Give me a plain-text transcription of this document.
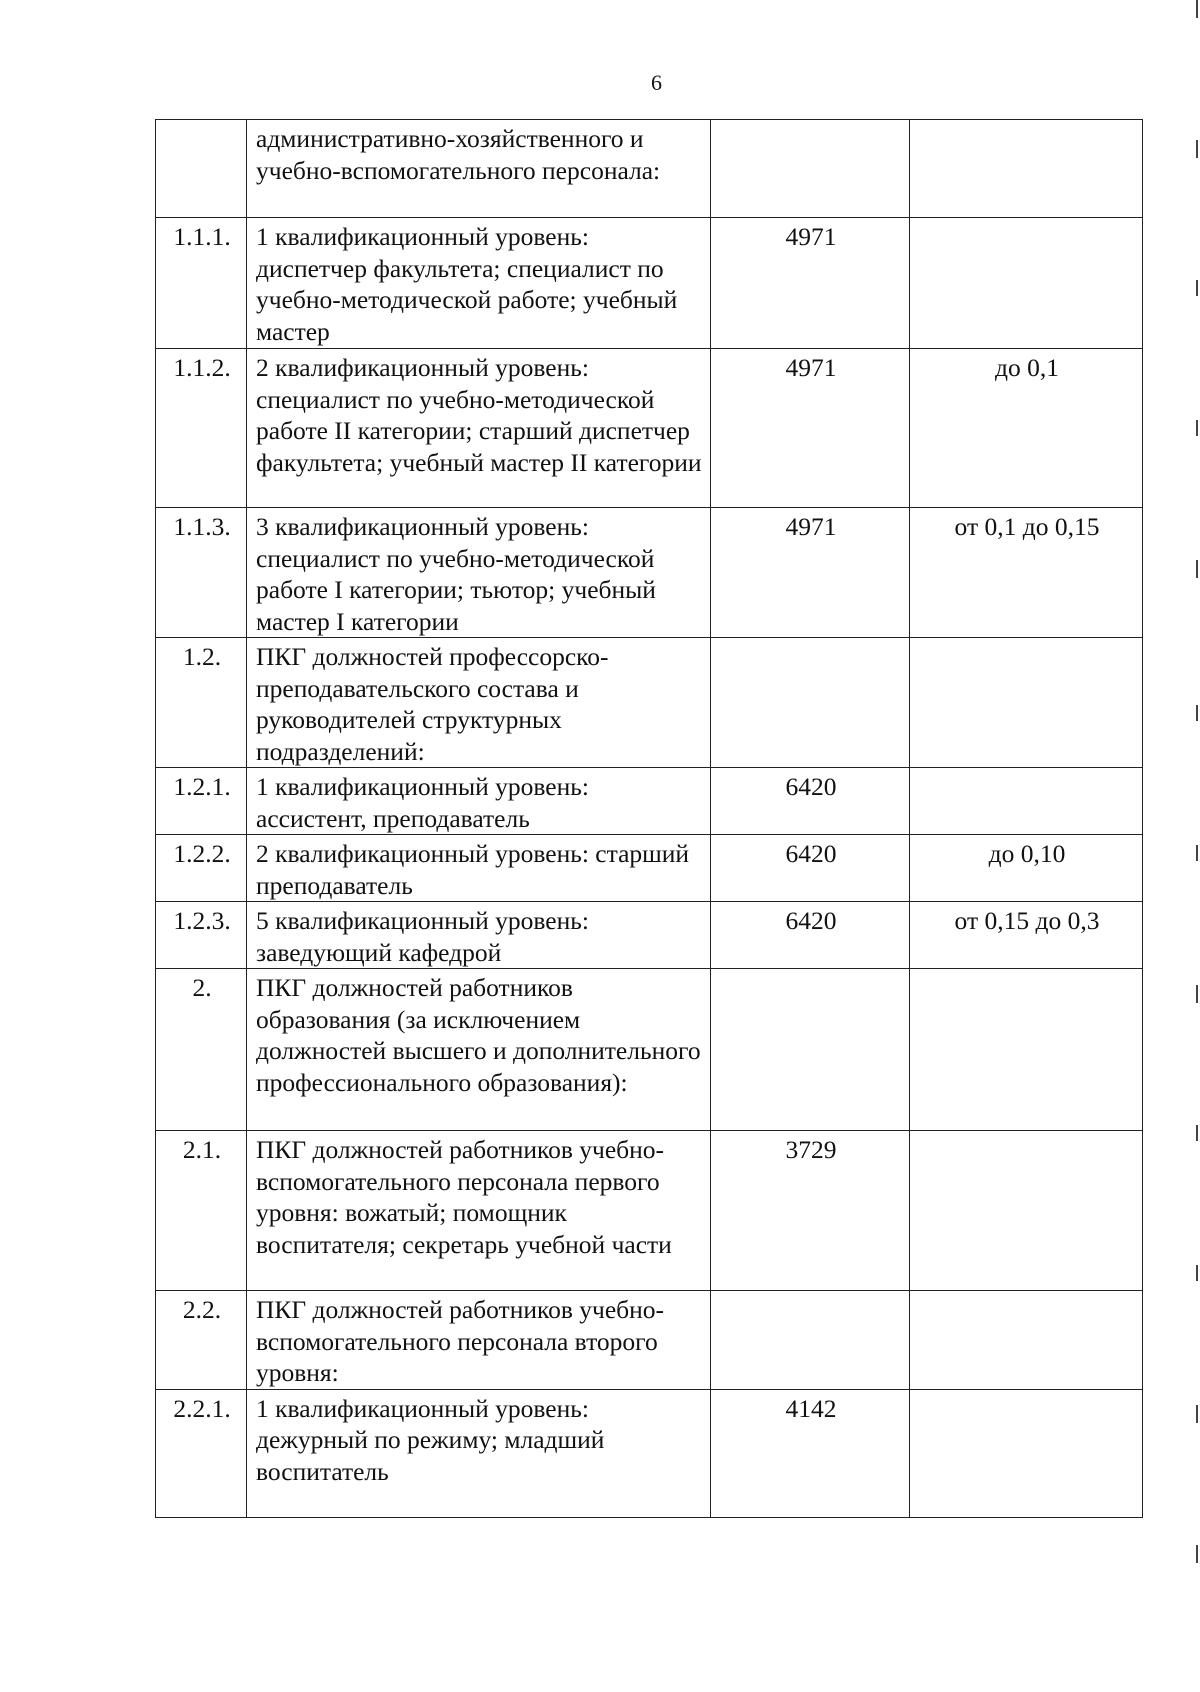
6
	административно-хозяйственного и учебно-вспомогательного персонала:		
1.1.1.	1 квалификационный уровень: диспетчер факультета; специалист по учебно-методической работе; учебный мастер	4971	
1.1.2.	2 квалификационный уровень: специалист по учебно-методической работе II категории; старший диспетчер факультета; учебный мастер II категории	4971	до 0,1
1.1.3.	3 квалификационный уровень: специалист по учебно-методической работе I категории; тьютор; учебный мастер I категории	4971	от 0,1 до 0,15
1.2.	ПКГ должностей профессорско-преподавательского состава и руководителей структурных подразделений:		
1.2.1.	1 квалификационный уровень: ассистент, преподаватель	6420	
1.2.2.	2 квалификационный уровень: старший преподаватель	6420	до 0,10
1.2.3.	5 квалификационный уровень: заведующий кафедрой	6420	от 0,15 до 0,3
2.	ПКГ должностей работников образования (за исключением должностей высшего и дополнительного профессионального образования):		
2.1.	ПКГ должностей работников учебно-вспомогательного персонала первого уровня: вожатый; помощник воспитателя; секретарь учебной части	3729	
2.2.	ПКГ должностей работников учебно-вспомогательного персонала второго уровня:		
2.2.1.	1 квалификационный уровень: дежурный по режиму; младший воспитатель	4142	
